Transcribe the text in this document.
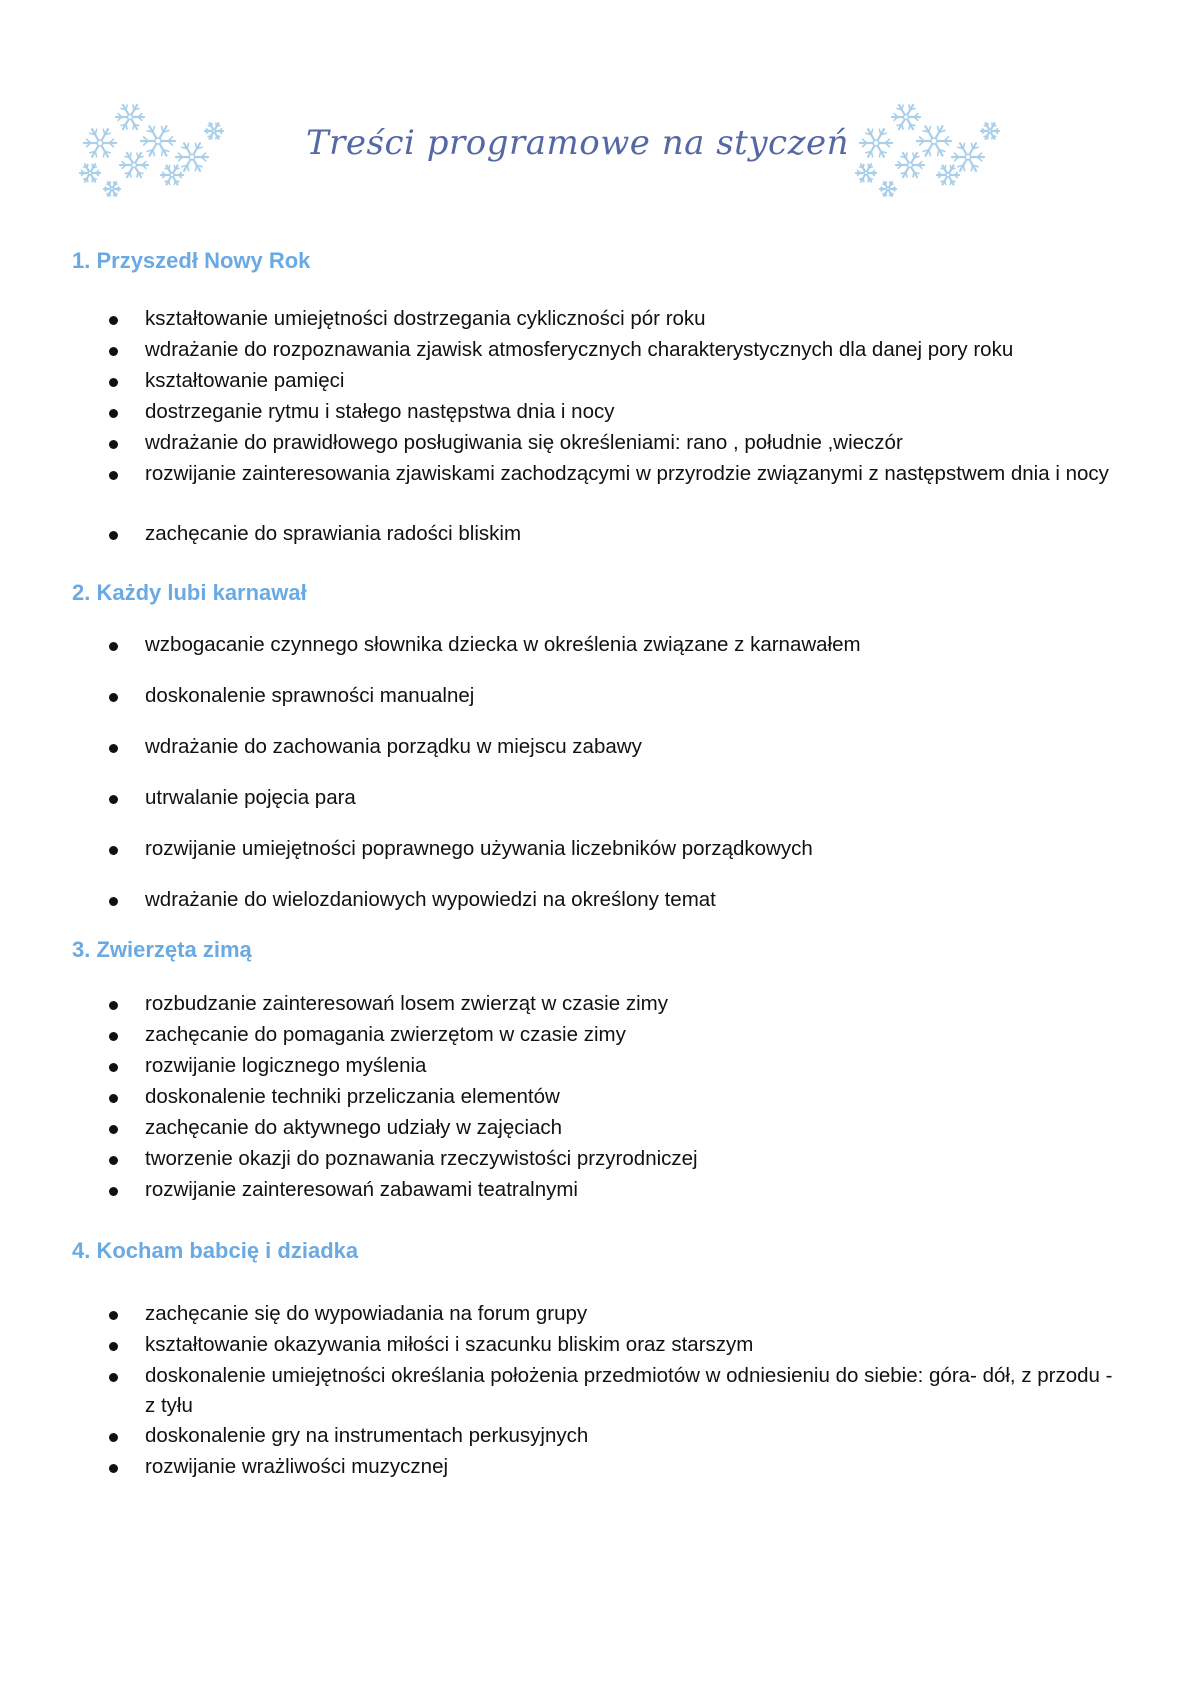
Treści programowe na styczeń
1. Przyszedł Nowy Rok
kształtowanie umiejętności dostrzegania cykliczności pór roku
wdrażanie do rozpoznawania zjawisk atmosferycznych charakterystycznych dla danej pory roku
kształtowanie pamięci
dostrzeganie rytmu i stałego następstwa dnia i nocy
wdrażanie do prawidłowego posługiwania się określeniami: rano , południe ,wieczór
rozwijanie zainteresowania zjawiskami zachodzącymi w przyrodzie związanymi z następstwem dnia i nocy
zachęcanie do sprawiania radości bliskim
2. Każdy lubi karnawał
wzbogacanie czynnego słownika dziecka w określenia związane z karnawałem
doskonalenie sprawności manualnej
wdrażanie do zachowania porządku w miejscu zabawy
utrwalanie pojęcia para
rozwijanie umiejętności poprawnego używania liczebników porządkowych
wdrażanie do wielozdaniowych wypowiedzi na określony temat
3. Zwierzęta zimą
rozbudzanie zainteresowań losem zwierząt w czasie zimy
zachęcanie do pomagania zwierzętom w czasie zimy
rozwijanie logicznego myślenia
doskonalenie techniki przeliczania elementów
zachęcanie do aktywnego udziały w zajęciach
tworzenie okazji do poznawania rzeczywistości przyrodniczej
rozwijanie zainteresowań zabawami teatralnymi
4. Kocham babcię i dziadka
zachęcanie się do wypowiadania na forum grupy
kształtowanie okazywania miłości i szacunku bliskim oraz starszym
doskonalenie umiejętności określania położenia przedmiotów w odniesieniu do siebie: góra- dół, z przodu - z tyłu
doskonalenie gry na instrumentach perkusyjnych
rozwijanie wrażliwości muzycznej
